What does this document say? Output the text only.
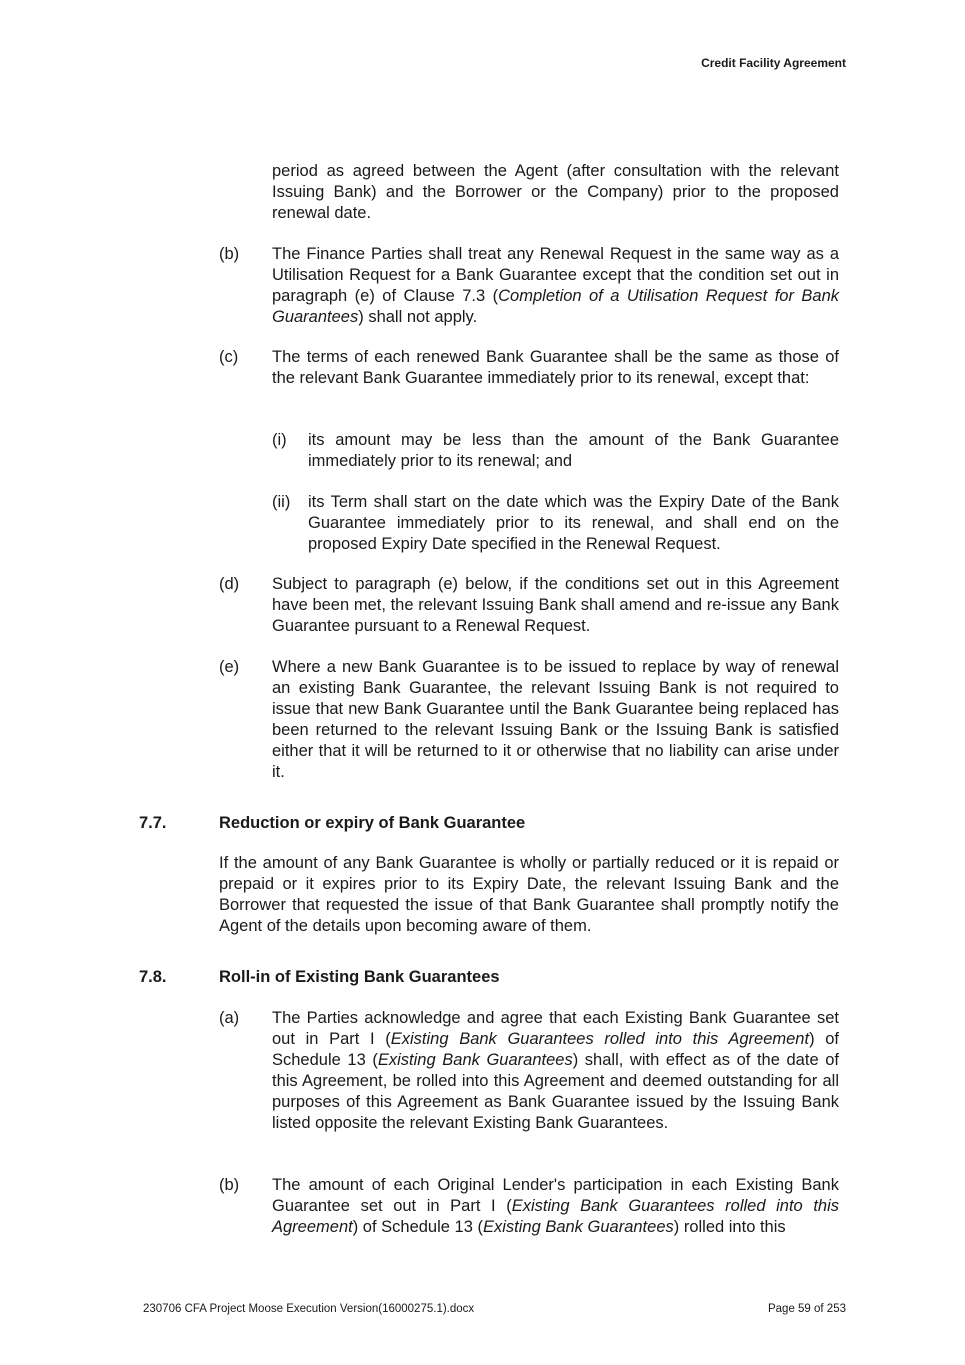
Credit Facility Agreement
period as agreed between the Agent (after consultation with the relevant Issuing Bank) and the Borrower or the Company) prior to the proposed renewal date.
(b) The Finance Parties shall treat any Renewal Request in the same way as a Utilisation Request for a Bank Guarantee except that the condition set out in paragraph (e) of Clause 7.3 (Completion of a Utilisation Request for Bank Guarantees) shall not apply.
(c) The terms of each renewed Bank Guarantee shall be the same as those of the relevant Bank Guarantee immediately prior to its renewal, except that:
(i) its amount may be less than the amount of the Bank Guarantee immediately prior to its renewal; and
(ii) its Term shall start on the date which was the Expiry Date of the Bank Guarantee immediately prior to its renewal, and shall end on the proposed Expiry Date specified in the Renewal Request.
(d) Subject to paragraph (e) below, if the conditions set out in this Agreement have been met, the relevant Issuing Bank shall amend and re-issue any Bank Guarantee pursuant to a Renewal Request.
(e) Where a new Bank Guarantee is to be issued to replace by way of renewal an existing Bank Guarantee, the relevant Issuing Bank is not required to issue that new Bank Guarantee until the Bank Guarantee being replaced has been returned to the relevant Issuing Bank or the Issuing Bank is satisfied either that it will be returned to it or otherwise that no liability can arise under it.
7.7.	Reduction or expiry of Bank Guarantee
If the amount of any Bank Guarantee is wholly or partially reduced or it is repaid or prepaid or it expires prior to its Expiry Date, the relevant Issuing Bank and the Borrower that requested the issue of that Bank Guarantee shall promptly notify the Agent of the details upon becoming aware of them.
7.8.	Roll-in of Existing Bank Guarantees
(a) The Parties acknowledge and agree that each Existing Bank Guarantee set out in Part I (Existing Bank Guarantees rolled into this Agreement) of Schedule 13 (Existing Bank Guarantees) shall, with effect as of the date of this Agreement, be rolled into this Agreement and deemed outstanding for all purposes of this Agreement as Bank Guarantee issued by the Issuing Bank listed opposite the relevant Existing Bank Guarantees.
(b) The amount of each Original Lender's participation in each Existing Bank Guarantee set out in Part I (Existing Bank Guarantees rolled into this Agreement) of Schedule 13 (Existing Bank Guarantees) rolled into this
230706 CFA Project Moose Execution Version(16000275.1).docx	Page 59 of 253
